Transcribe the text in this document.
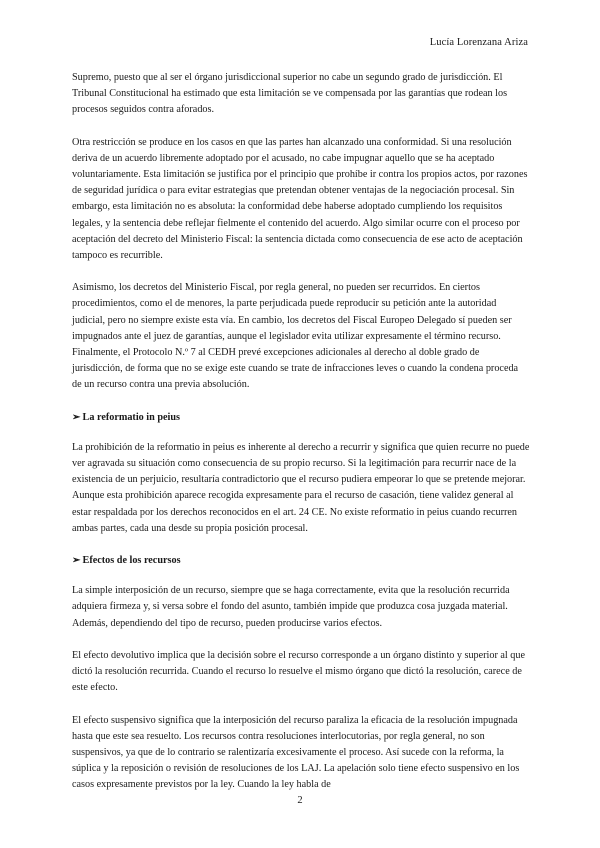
Lucía Lorenzana Ariza

Supremo, puesto que al ser el órgano jurisdiccional superior no cabe un segundo grado de jurisdicción. El Tribunal Constitucional ha estimado que esta limitación se ve compensada por las garantías que rodean los procesos seguidos contra aforados.

Otra restricción se produce en los casos en que las partes han alcanzado una conformidad. Si una resolución deriva de un acuerdo libremente adoptado por el acusado, no cabe impugnar aquello que se ha aceptado voluntariamente. Esta limitación se justifica por el principio que prohíbe ir contra los propios actos, por razones de seguridad jurídica o para evitar estrategias que pretendan obtener ventajas de la negociación procesal. Sin embargo, esta limitación no es absoluta: la conformidad debe haberse adoptado cumpliendo los requisitos legales, y la sentencia debe reflejar fielmente el contenido del acuerdo. Algo similar ocurre con el proceso por aceptación del decreto del Ministerio Fiscal: la sentencia dictada como consecuencia de ese acto de aceptación tampoco es recurrible.

Asimismo, los decretos del Ministerio Fiscal, por regla general, no pueden ser recurridos. En ciertos procedimientos, como el de menores, la parte perjudicada puede reproducir su petición ante la autoridad judicial, pero no siempre existe esta vía. En cambio, los decretos del Fiscal Europeo Delegado sí pueden ser impugnados ante el juez de garantías, aunque el legislador evita utilizar expresamente el término recurso. Finalmente, el Protocolo N.º 7 al CEDH prevé excepciones adicionales al derecho al doble grado de jurisdicción, de forma que no se exige este cuando se trate de infracciones leves o cuando la condena proceda de un recurso contra una previa absolución.

➢ La reformatio in peius

La prohibición de la reformatio in peius es inherente al derecho a recurrir y significa que quien recurre no puede ver agravada su situación como consecuencia de su propio recurso. Si la legitimación para recurrir nace de la existencia de un perjuicio, resultaría contradictorio que el recurso pudiera empeorar lo que se pretende mejorar. Aunque esta prohibición aparece recogida expresamente para el recurso de casación, tiene validez general al estar respaldada por los derechos reconocidos en el art. 24 CE. No existe reformatio in peius cuando recurren ambas partes, cada una desde su propia posición procesal.

➢ Efectos de los recursos

La simple interposición de un recurso, siempre que se haga correctamente, evita que la resolución recurrida adquiera firmeza y, si versa sobre el fondo del asunto, también impide que produzca cosa juzgada material. Además, dependiendo del tipo de recurso, pueden producirse varios efectos.

El efecto devolutivo implica que la decisión sobre el recurso corresponde a un órgano distinto y superior al que dictó la resolución recurrida. Cuando el recurso lo resuelve el mismo órgano que dictó la resolución, carece de este efecto.

El efecto suspensivo significa que la interposición del recurso paraliza la eficacia de la resolución impugnada hasta que este sea resuelto. Los recursos contra resoluciones interlocutorias, por regla general, no son suspensivos, ya que de lo contrario se ralentizaría excesivamente el proceso. Así sucede con la reforma, la súplica y la reposición o revisión de resoluciones de los LAJ. La apelación solo tiene efecto suspensivo en los casos expresamente previstos por la ley. Cuando la ley habla de

2
